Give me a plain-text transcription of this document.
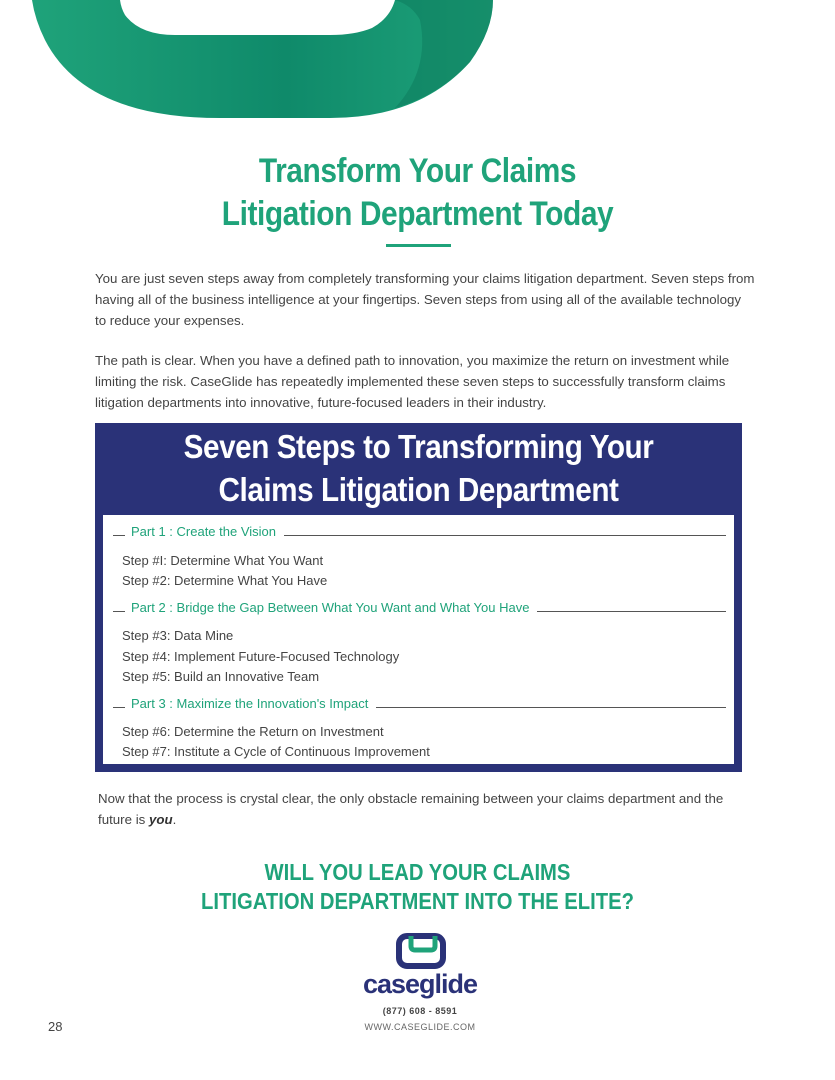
Transform Your Claims
Litigation Department Today
You are just seven steps away from completely transforming your claims litigation department. Seven steps from having all of the business intelligence at your fingertips. Seven steps from using all of the available technology to reduce your expenses.
The path is clear. When you have a defined path to innovation, you maximize the return on investment while limiting the risk. CaseGlide has repeatedly implemented these seven steps to successfully transform claims litigation departments into innovative, future-focused leaders in their industry.
Seven Steps to Transforming Your
Claims Litigation Department
Part 1 : Create the Vision
Step #I: Determine What You Want
Step #2: Determine What You Have
Part 2 : Bridge the Gap Between What You Want and What You Have
Step #3: Data Mine
Step #4: Implement Future-Focused Technology
Step #5: Build an Innovative Team
Part 3 : Maximize the Innovation's Impact
Step #6: Determine the Return on Investment
Step #7: Institute a Cycle of Continuous Improvement
Now that the process is crystal clear, the only obstacle remaining between your claims department and the future is you.
WILL YOU LEAD YOUR CLAIMS
LITIGATION DEPARTMENT INTO THE ELITE?
caseglide
(877) 608 - 8591
WWW.CASEGLIDE.COM
28
